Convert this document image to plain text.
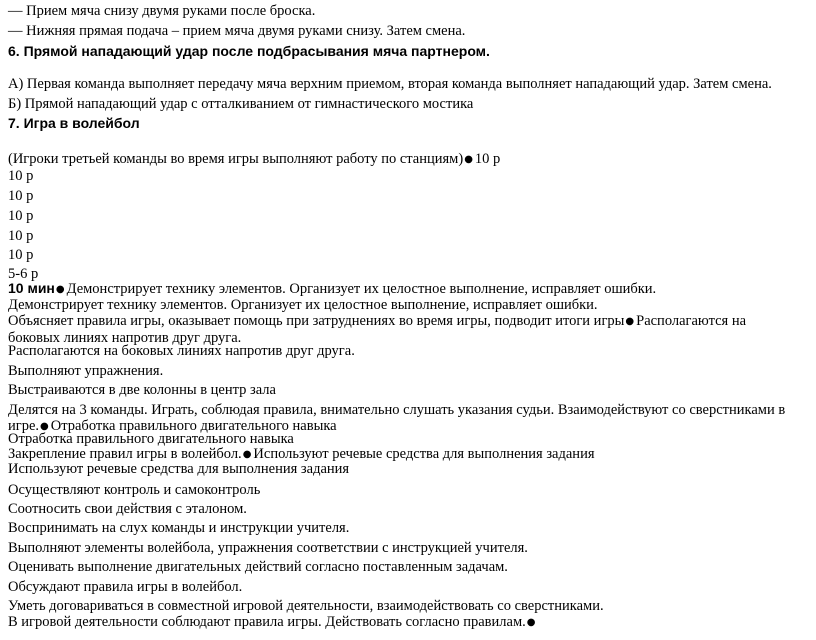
— Прием мяча снизу двумя руками после броска.
— Нижняя прямая подача – прием мяча двумя руками снизу. Затем смена.
6. Прямой нападающий удар после подбрасывания мяча партнером.
А) Первая команда выполняет передачу мяча верхним приемом, вторая команда выполняет нападающий удар. Затем смена.
Б) Прямой нападающий удар с отталкиванием от гимнастического мостика
7. Игра в волейбол
(Игроки третьей команды во время игры выполняют работу по станциям)● 10 р
10 р
10 р
10 р
10 р
10 р
5-6 р
10 мин● Демонстрирует технику элементов. Организует их целостное выполнение, исправляет ошибки.
Демонстрирует технику элементов. Организует их целостное выполнение, исправляет ошибки.
Объясняет правила игры, оказывает помощь при затруднениях во время игры, подводит итоги игры● Располагаются на боковых линиях напротив друг друга.
Располагаются на боковых линиях напротив друг друга.
Выполняют упражнения.
Выстраиваются в две колонны в центр зала
Делятся на 3 команды. Играть, соблюдая правила, внимательно слушать указания судьи. Взаимодействуют со сверстниками в игре.● Отработка правильного двигательного навыка
Отработка правильного двигательного навыка
Закрепление правил игры в волейбол.● Используют речевые средства для выполнения задания
Используют речевые средства для выполнения задания
Осуществляют контроль и самоконтроль
Соотносить свои действия с эталоном.
Воспринимать на слух команды и инструкции учителя.
Выполняют элементы волейбола, упражнения соответствии с инструкцией учителя.
Оценивать выполнение двигательных действий согласно поставленным задачам.
Обсуждают правила игры в волейбол.
Уметь договариваться в совместной игровой деятельности, взаимодействовать со сверстниками.
В игровой деятельности соблюдают правила игры. Действовать согласно правилам.●
